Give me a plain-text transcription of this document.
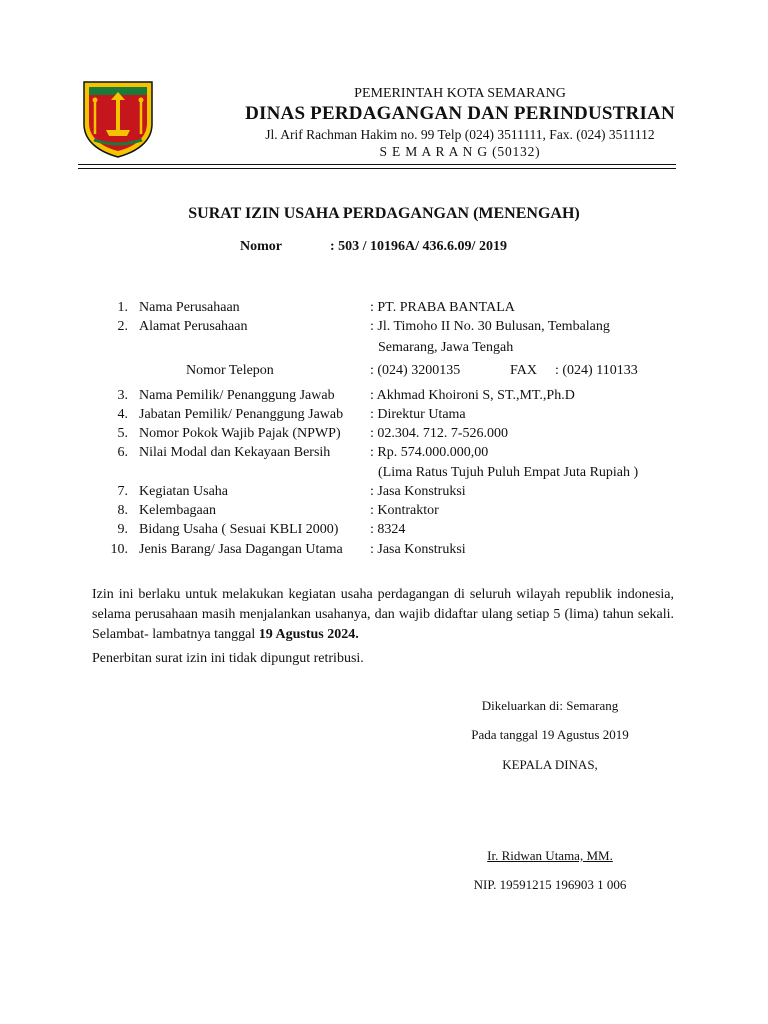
PEMERINTAH KOTA SEMARANG
DINAS PERDAGANGAN DAN PERINDUSTRIAN
Jl. Arif Rachman Hakim no. 99 Telp (024) 3511111, Fax. (024) 3511112
S E M A R A N G (50132)
SURAT IZIN USAHA PERDAGANGAN (MENENGAH)
Nomor	: 503 / 10196A/ 436.6.09/ 2019
1. Nama Perusahaan	: PT. PRABA BANTALA
2. Alamat Perusahaan	: Jl. Timoho II No. 30 Bulusan, Tembalang
Semarang, Jawa Tengah
Nomor Telepon	: (024) 3200135	FAX : (024) 110133
3. Nama Pemilik/ Penanggung Jawab	: Akhmad Khoironi S, ST.,MT.,Ph.D
4. Jabatan Pemilik/ Penanggung Jawab : Direktur Utama
5. Nomor Pokok Wajib Pajak (NPWP) : 02.304. 712. 7-526.000
6. Nilai Modal dan Kekayaan Bersih	: Rp. 574.000.000,00
(Lima Ratus Tujuh Puluh Empat Juta Rupiah )
7. Kegiatan Usaha	: Jasa Konstruksi
8. Kelembagaan	: Kontraktor
9. Bidang Usaha ( Sesuai KBLI 2000) : 8324
10. Jenis Barang/ Jasa Dagangan Utama : Jasa Konstruksi
Izin ini berlaku untuk melakukan kegiatan usaha perdagangan di seluruh wilayah republik indonesia, selama perusahaan masih menjalankan usahanya, dan wajib didaftar ulang setiap 5 (lima) tahun sekali. Selambat- lambatnya tanggal 19 Agustus 2024.
Penerbitan surat izin ini tidak dipungut retribusi.
Dikeluarkan di: Semarang
Pada tanggal 19 Agustus 2019
KEPALA DINAS,
Ir. Ridwan Utama, MM.
NIP. 19591215 196903 1 006
